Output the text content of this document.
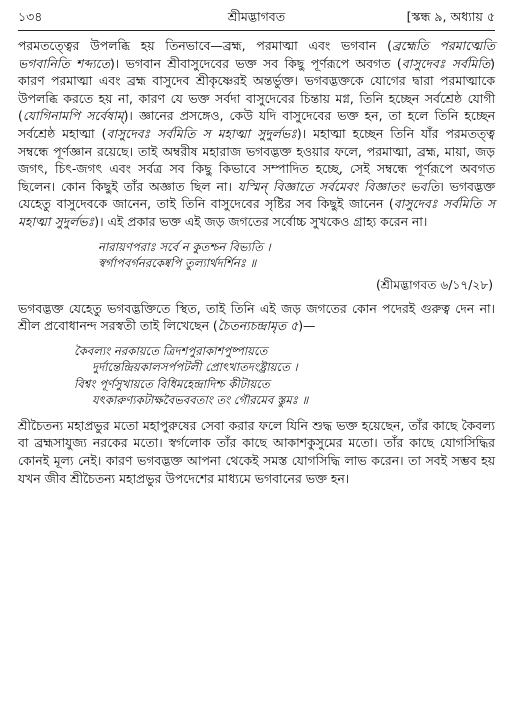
১৩৪	শ্রীমদ্ভাগবত	[স্কন্ধ ৯, অধ্যায় ৫

পরমতত্ত্বের উপলব্ধি হয় তিনভাবে—ব্রহ্ম, পরমাত্মা এবং ভগবান (ব্রহ্মেতি পরমাত্মেতি ভগবানিতি শব্দ্যতে)। ভগবান শ্রীবাসুদেবের ভক্ত সব কিছু পূর্ণরূপে অবগত (বাসুদেবঃ সর্বমিতি) কারণ পরমাত্মা এবং ব্রহ্ম বাসুদেব শ্রীকৃষ্ণেরই অন্তর্ভুক্ত। ভগবদ্ভক্তকে যোগের দ্বারা পরমাত্মাকে উপলব্ধি করতে হয় না, কারণ যে ভক্ত সর্বদা বাসুদেবের চিন্তায় মগ্ন, তিনি হচ্ছেন সর্বশ্রেষ্ঠ যোগী (যোগিনামপি সর্বেষাম্)। জ্ঞানের প্রসঙ্গেও, কেউ যদি বাসুদেবের ভক্ত হন, তা হলে তিনি হচ্ছেন সর্বশ্রেষ্ঠ মহাত্মা (বাসুদেবঃ সর্বমিতি স মহাত্মা সুদুর্লভঃ)। মহাত্মা হচ্ছেন তিনি যাঁর পরমতত্ত্ব সম্বন্ধে পূর্ণজ্ঞান রয়েছে। তাই অম্বরীষ মহারাজ ভগবদ্ভক্ত হওয়ার ফলে, পরমাত্মা, ব্রহ্ম, মায়া, জড় জগৎ, চিৎ-জগৎ এবং সর্বত্র সব কিছু কিভাবে সম্পাদিত হচ্ছে, সেই সম্বন্ধে পূর্ণরূপে অবগত ছিলেন। কোন কিছুই তাঁর অজ্ঞাত ছিল না। যস্মিন্ বিজ্ঞাতে সর্বমেবং বিজ্ঞাতং ভবতি। ভগবদ্ভক্ত যেহেতু বাসুদেবকে জানেন, তাই তিনি বাসুদেবের সৃষ্টির সব কিছুই জানেন (বাসুদেবঃ সর্বমিতি স মহাত্মা সুদুর্লভঃ)। এই প্রকার ভক্ত এই জড় জগতের সর্বোচ্চ সুখকেও গ্রাহ্য করেন না।

নারায়ণপরাঃ সর্বে ন কুতশ্চন বিভ্যতি ।
স্বর্গাপবর্গনরকেষ্বপি তুল্যার্থদর্শিনঃ ॥
(শ্রীমদ্ভাগবত ৬/১৭/২৮)

ভগবদ্ভক্ত যেহেতু ভগবদ্ভক্তিতে স্থিত, তাই তিনি এই জড় জগতের কোন পদেরই গুরুত্ব দেন না। শ্রীল প্রবোধানন্দ সরস্বতী তাই লিখেছেন (চৈতন্যচন্দ্রামৃত ৫)—

কৈবল্যং নরকায়তে ত্রিদশপুরাকাশপুষ্পায়তে
দুর্দান্তেন্দ্রিয়কালসর্পপটলী প্রোৎখাতদংষ্ট্রায়তে ।
বিশ্বং পূর্ণসুখায়তে বিধিমহেন্দ্রাদিশ্চ কীটায়তে
যৎকারুণ্যকটাক্ষবৈভববতাং তং গৌরমেব স্তুমঃ ॥

শ্রীচৈতন্য মহাপ্রভুর মতো মহাপুরুষের সেবা করার ফলে যিনি শুদ্ধ ভক্ত হয়েছেন, তাঁর কাছে কৈবল্য বা ব্রহ্মসাযুজ্য নরকের মতো। স্বর্গলোক তাঁর কাছে আকাশকুসুমের মতো। তাঁর কাছে যোগসিদ্ধির কোনই মূল্য নেই। কারণ ভগবদ্ভক্ত আপনা থেকেই সমস্ত যোগসিদ্ধি লাভ করেন। তা সবই সম্ভব হয় যখন জীব শ্রীচৈতন্য মহাপ্রভুর উপদেশের মাধ্যমে ভগবানের ভক্ত হন।
